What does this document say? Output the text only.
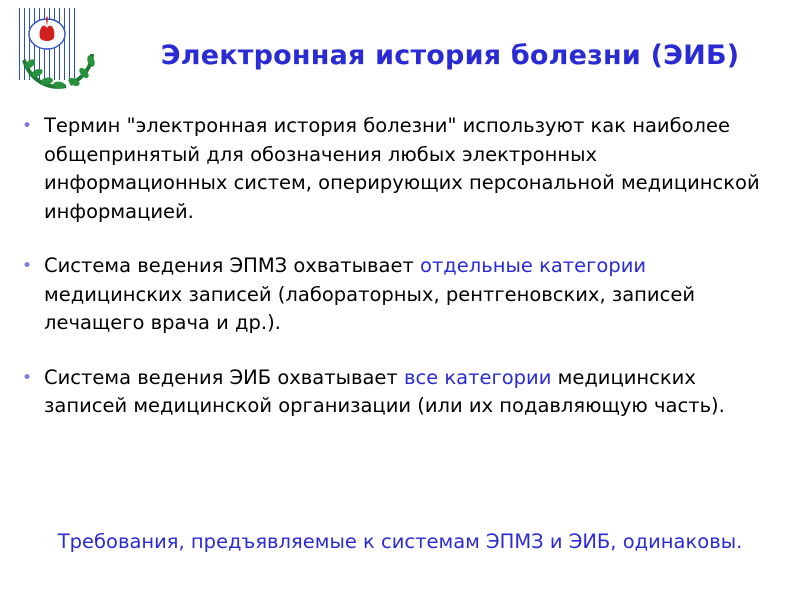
Электронная история болезни (ЭИБ)
• Термин "электронная история болезни" используют как наиболее общепринятый для обозначения любых электронных информационных систем, оперирующих персональной медицинской информацией.
• Система ведения ЭПМЗ охватывает отдельные категории медицинских записей (лабораторных, рентгеновских, записей лечащего врача и др.).
• Система ведения ЭИБ охватывает все категории медицинских записей медицинской организации (или их подавляющую часть).
Требования, предъявляемые к системам ЭПМЗ и ЭИБ, одинаковы.
